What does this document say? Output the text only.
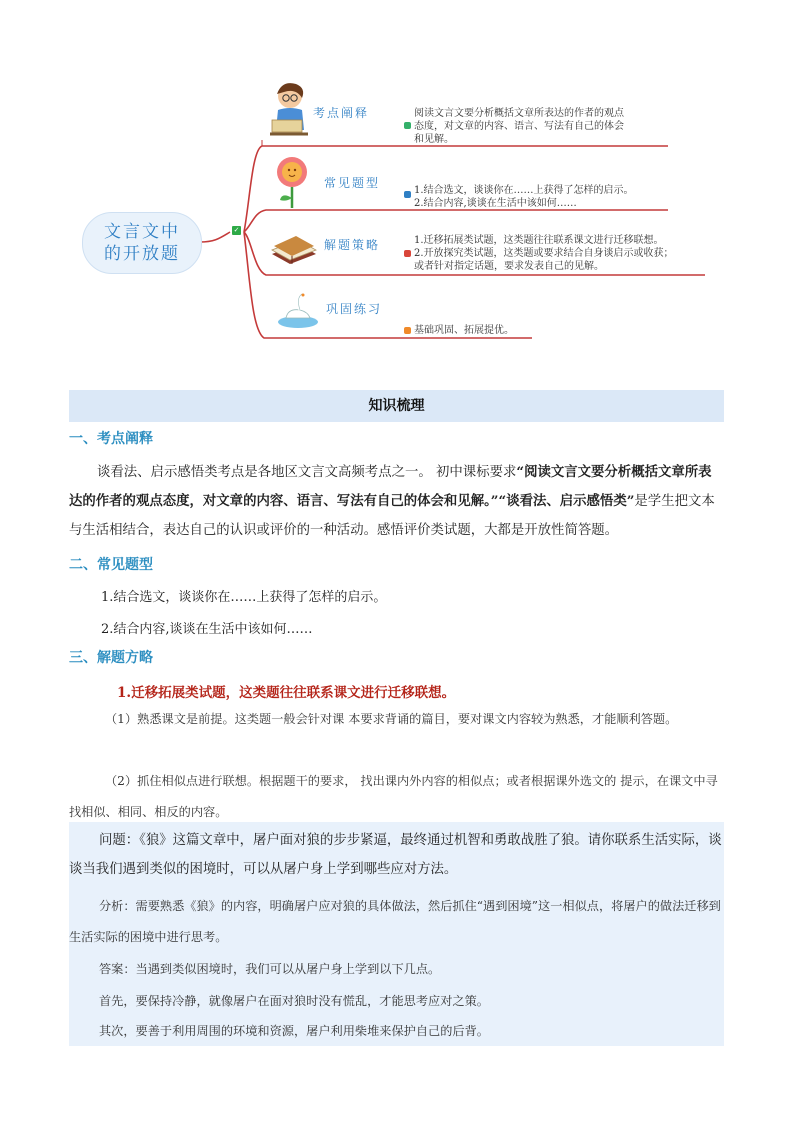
文言文中的开放题
✓
考点阐释	阅读文言文要分析概括文章所表达的作者的观点
态度，对文章的内容、语言、写法有自己的体会
和见解。
常见题型
1.结合选文，谈谈你在……上获得了怎样的启示。
2.结合内容,谈谈在生活中该如何……
解题策略	1.迁移拓展类试题，这类题往往联系课文进行迁移联想。
2.开放探究类试题，这类题或要求结合自身谈启示或收获；
或者针对指定话题，要求发表自己的见解。
巩固练习
基础巩固、拓展提优。
知识梳理
一、考点阐释
谈看法、启示感悟类考点是各地区文言文高频考点之一。 初中课标要求“阅读文言文要分析概括文章所表达的作者的观点态度，对文章的内容、语言、写法有自己的体会和见解。”“谈看法、启示感悟类”是学生把文本与生活相结合，表达自己的认识或评价的一种活动。感悟评价类试题，大都是开放性简答题。
二、常见题型
1.结合选文，谈谈你在……上获得了怎样的启示。
2.结合内容,谈谈在生活中该如何……
三、解题方略
1.迁移拓展类试题，这类题往往联系课文进行迁移联想。
（1）熟悉课文是前提。这类题一般会针对课 本要求背诵的篇目，要对课文内容较为熟悉，才能顺利答题。
（2）抓住相似点进行联想。根据题干的要求， 找出课内外内容的相似点；或者根据课外选文的 提示，在课文中寻找相似、相同、相反的内容。
问题：《狼》这篇文章中，屠户面对狼的步步紧逼，最终通过机智和勇敢战胜了狼。请你联系生活实际，谈谈当我们遇到类似的困境时，可以从屠户身上学到哪些应对方法。
分析：需要熟悉《狼》的内容，明确屠户应对狼的具体做法，然后抓住“遇到困境”这一相似点，将屠户的做法迁移到生活实际的困境中进行思考。
答案：当遇到类似困境时，我们可以从屠户身上学到以下几点。
首先，要保持冷静，就像屠户在面对狼时没有慌乱，才能思考应对之策。
其次，要善于利用周围的环境和资源，屠户利用柴堆来保护自己的后背。
